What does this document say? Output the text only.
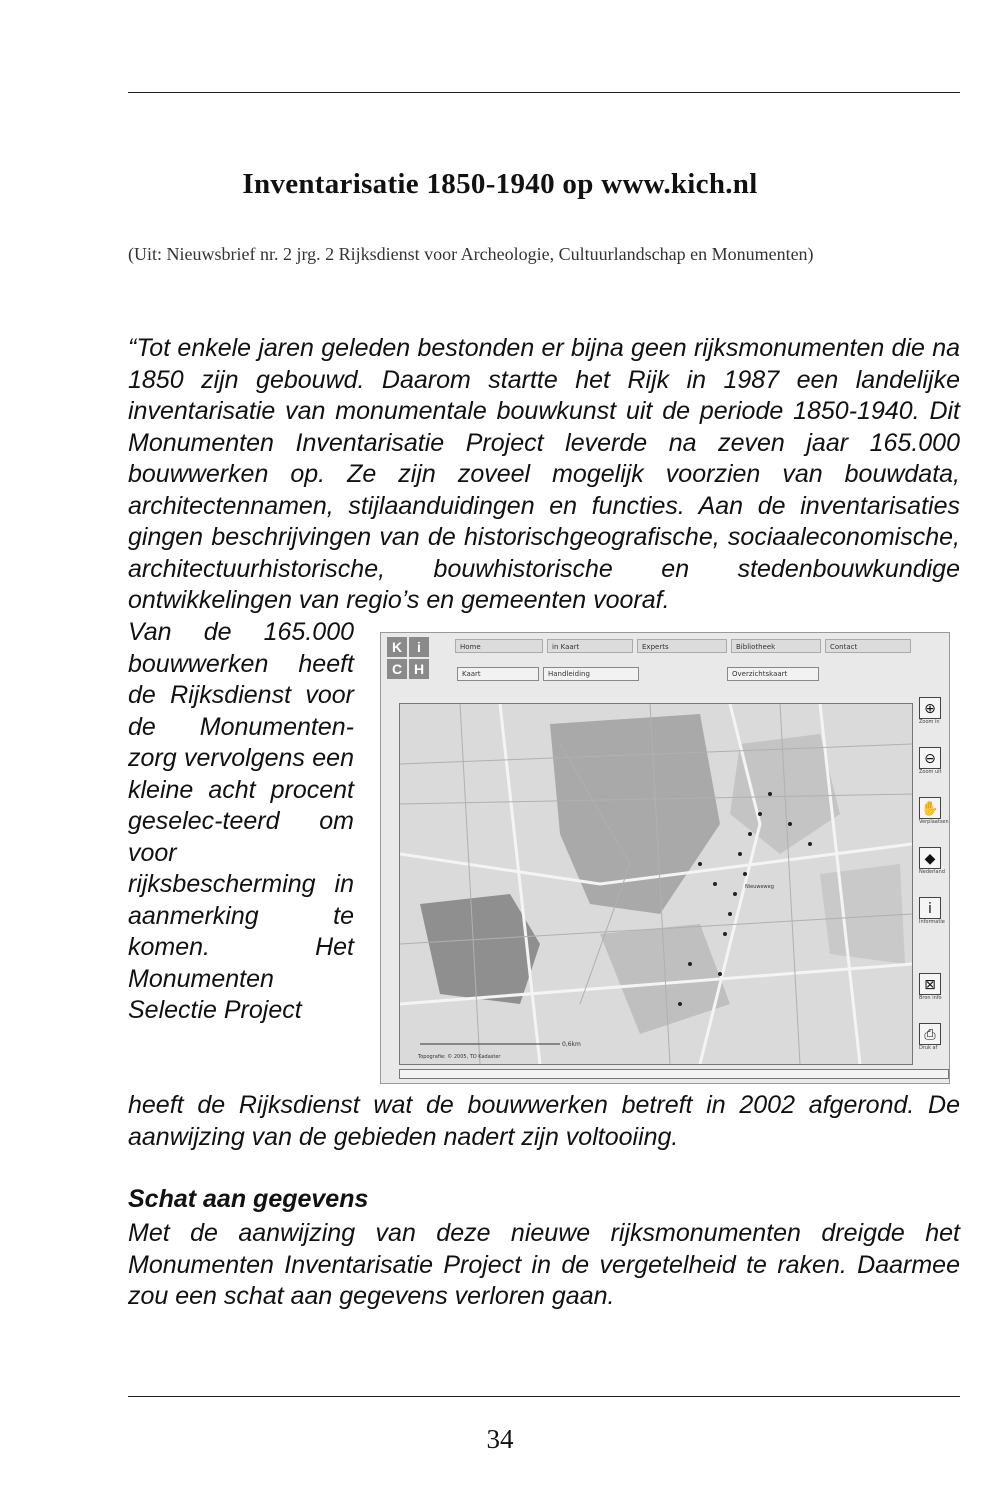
Inventarisatie 1850-1940 op www.kich.nl
(Uit: Nieuwsbrief nr. 2 jrg. 2 Rijksdienst voor Archeologie, Cultuurlandschap en Monumenten)

“Tot enkele jaren geleden bestonden er bijna geen rijksmonumenten die na 1850 zijn gebouwd. Daarom startte het Rijk in 1987 een landelijke inventarisatie van monumentale bouwkunst uit de periode 1850-1940. Dit Monumenten Inventarisatie Project leverde na zeven jaar 165.000 bouwwerken op. Ze zijn zoveel mogelijk voorzien van bouwdata, architectennamen, stijlaanduidingen en functies. Aan de inventarisaties gingen beschrijvingen van de historischgeografische, sociaaleconomische, architectuurhistorische, bouwhistorische en stedenbouwkundige ontwikkelingen van regio’s en gemeenten vooraf.

Van de 165.000 bouwwerken heeft de Rijksdienst voor de Monumenten-zorg vervolgens een kleine acht procent geselec-teerd om voor rijksbescherming in aanmerking te komen. Het Monumenten Selectie Project

K	i
C H
Home	in Kaart	Experts	Bibliotheek	Contact
Kaart	Handleiding	Overzichtskaart
Nieuweweg
0,6km
Topografie: © 2005, TD Kadaster
⊕
Zoom in
⊖
Zoom uit
✋
Verplaatsen
◆
Nederland
i
Informatie
⊠
Bron info
⎙
Druk af

heeft de Rijksdienst wat de bouwwerken betreft in 2002 afgerond. De aanwijzing van de gebieden nadert zijn voltooiing.

Schat aan gegevens

Met de aanwijzing van deze nieuwe rijksmonumenten dreigde het Monumenten Inventarisatie Project in de vergetelheid te raken. Daarmee zou een schat aan gegevens verloren gaan.

34
